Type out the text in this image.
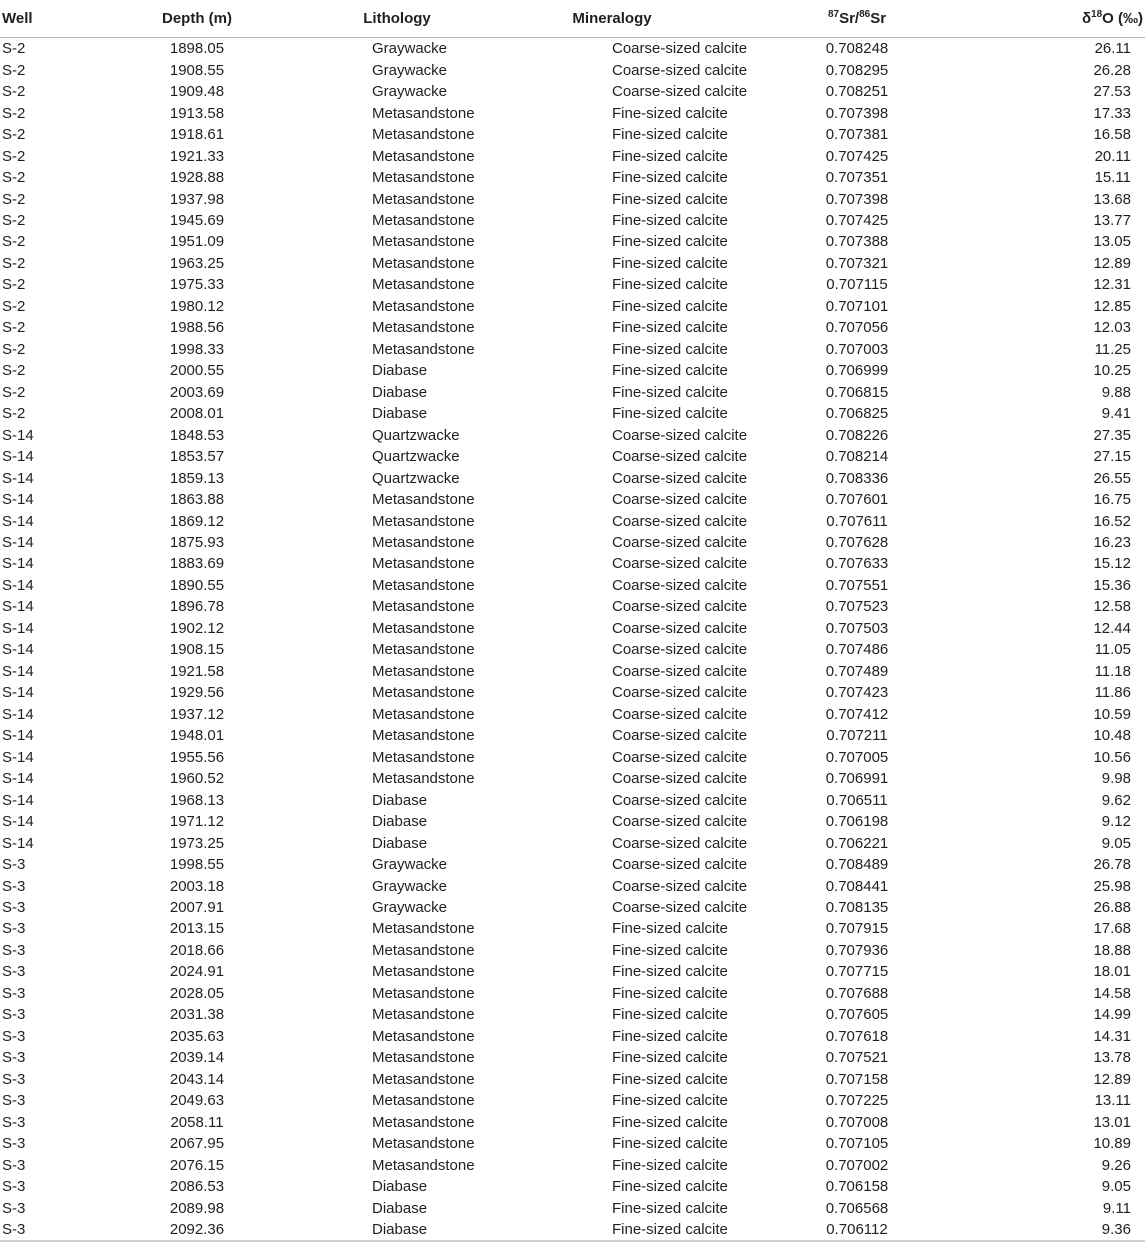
Well	Depth (m)	Lithology	Mineralogy	$^{87}$Sr/$^{86}$Sr	$\delta^{18}O$ (‰)
S-2	1898.05	Graywacke	Coarse-sized calcite	0.708248	26.11
S-2	1908.55	Graywacke	Coarse-sized calcite	0.708295	26.28
S-2	1909.48	Graywacke	Coarse-sized calcite	0.708251	27.53
S-2	1913.58	Metasandstone	Fine-sized calcite	0.707398	17.33
S-2	1918.61	Metasandstone	Fine-sized calcite	0.707381	16.58
S-2	1921.33	Metasandstone	Fine-sized calcite	0.707425	20.11
S-2	1928.88	Metasandstone	Fine-sized calcite	0.707351	15.11
S-2	1937.98	Metasandstone	Fine-sized calcite	0.707398	13.68
S-2	1945.69	Metasandstone	Fine-sized calcite	0.707425	13.77
S-2	1951.09	Metasandstone	Fine-sized calcite	0.707388	13.05
S-2	1963.25	Metasandstone	Fine-sized calcite	0.707321	12.89
S-2	1975.33	Metasandstone	Fine-sized calcite	0.707115	12.31
S-2	1980.12	Metasandstone	Fine-sized calcite	0.707101	12.85
S-2	1988.56	Metasandstone	Fine-sized calcite	0.707056	12.03
S-2	1998.33	Metasandstone	Fine-sized calcite	0.707003	11.25
S-2	2000.55	Diabase	Fine-sized calcite	0.706999	10.25
S-2	2003.69	Diabase	Fine-sized calcite	0.706815	9.88
S-2	2008.01	Diabase	Fine-sized calcite	0.706825	9.41
S-14	1848.53	Quartzwacke	Coarse-sized calcite	0.708226	27.35
S-14	1853.57	Quartzwacke	Coarse-sized calcite	0.708214	27.15
S-14	1859.13	Quartzwacke	Coarse-sized calcite	0.708336	26.55
S-14	1863.88	Metasandstone	Coarse-sized calcite	0.707601	16.75
S-14	1869.12	Metasandstone	Coarse-sized calcite	0.707611	16.52
S-14	1875.93	Metasandstone	Coarse-sized calcite	0.707628	16.23
S-14	1883.69	Metasandstone	Coarse-sized calcite	0.707633	15.12
S-14	1890.55	Metasandstone	Coarse-sized calcite	0.707551	15.36
S-14	1896.78	Metasandstone	Coarse-sized calcite	0.707523	12.58
S-14	1902.12	Metasandstone	Coarse-sized calcite	0.707503	12.44
S-14	1908.15	Metasandstone	Coarse-sized calcite	0.707486	11.05
S-14	1921.58	Metasandstone	Coarse-sized calcite	0.707489	11.18
S-14	1929.56	Metasandstone	Coarse-sized calcite	0.707423	11.86
S-14	1937.12	Metasandstone	Coarse-sized calcite	0.707412	10.59
S-14	1948.01	Metasandstone	Coarse-sized calcite	0.707211	10.48
S-14	1955.56	Metasandstone	Coarse-sized calcite	0.707005	10.56
S-14	1960.52	Metasandstone	Coarse-sized calcite	0.706991	9.98
S-14	1968.13	Diabase	Coarse-sized calcite	0.706511	9.62
S-14	1971.12	Diabase	Coarse-sized calcite	0.706198	9.12
S-14	1973.25	Diabase	Coarse-sized calcite	0.706221	9.05
S-3	1998.55	Graywacke	Coarse-sized calcite	0.708489	26.78
S-3	2003.18	Graywacke	Coarse-sized calcite	0.708441	25.98
S-3	2007.91	Graywacke	Coarse-sized calcite	0.708135	26.88
S-3	2013.15	Metasandstone	Fine-sized calcite	0.707915	17.68
S-3	2018.66	Metasandstone	Fine-sized calcite	0.707936	18.88
S-3	2024.91	Metasandstone	Fine-sized calcite	0.707715	18.01
S-3	2028.05	Metasandstone	Fine-sized calcite	0.707688	14.58
S-3	2031.38	Metasandstone	Fine-sized calcite	0.707605	14.99
S-3	2035.63	Metasandstone	Fine-sized calcite	0.707618	14.31
S-3	2039.14	Metasandstone	Fine-sized calcite	0.707521	13.78
S-3	2043.14	Metasandstone	Fine-sized calcite	0.707158	12.89
S-3	2049.63	Metasandstone	Fine-sized calcite	0.707225	13.11
S-3	2058.11	Metasandstone	Fine-sized calcite	0.707008	13.01
S-3	2067.95	Metasandstone	Fine-sized calcite	0.707105	10.89
S-3	2076.15	Metasandstone	Fine-sized calcite	0.707002	9.26
S-3	2086.53	Diabase	Fine-sized calcite	0.706158	9.05
S-3	2089.98	Diabase	Fine-sized calcite	0.706568	9.11
S-3	2092.36	Diabase	Fine-sized calcite	0.706112	9.36
